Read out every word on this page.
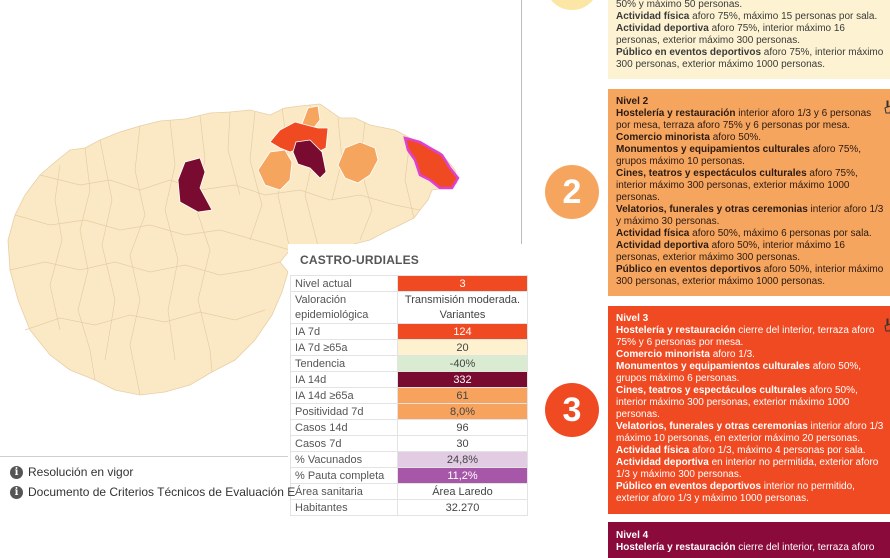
CASTRO-URDIALES
Nivel actual	3
Valoración epidemiológica	Transmisión moderada. Variantes
IA 7d	124
IA 7d ≥65a	20
Tendencia	-40%
IA 14d	332
IA 14d ≥65a	61
Positividad 7d	8,0%
Casos 14d	96
Casos 7d	30
% Vacunados	24,8%
% Pauta completa	11,2%
Área sanitaria	Área Laredo
Habitantes	32.270
i Resolución en vigor
i Documento de Criterios Técnicos de Evaluación E
2
3
50% y máximo 50 personas.
Actividad física aforo 75%, máximo 15 personas por sala.
Actividad deportiva aforo 75%, interior máximo 16 personas, exterior máximo 300 personas.
Público en eventos deportivos aforo 75%, interior máximo 300 personas, exterior máximo 1000 personas.
Nivel 2
Hostelería y restauración interior aforo 1/3 y 6 personas por mesa, terraza aforo 75% y 6 personas por mesa.
Comercio minorista aforo 50%.
Monumentos y equipamientos culturales aforo 75%, grupos máximo 10 personas.
Cines, teatros y espectáculos culturales aforo 75%, interior máximo 300 personas, exterior máximo 1000 personas.
Velatorios, funerales y otras ceremonias interior aforo 1/3 y máximo 30 personas.
Actividad física aforo 50%, máximo 6 personas por sala.
Actividad deportiva aforo 50%, interior máximo 16 personas, exterior máximo 300 personas.
Público en eventos deportivos aforo 50%, interior máximo 300 personas, exterior máximo 1000 personas.
Nivel 3
Hostelería y restauración cierre del interior, terraza aforo 75% y 6 personas por mesa.
Comercio minorista aforo 1/3.
Monumentos y equipamientos culturales aforo 50%, grupos máximo 6 personas.
Cines, teatros y espectáculos culturales aforo 50%, interior máximo 300 personas, exterior máximo 1000 personas.
Velatorios, funerales y otras ceremonias interior aforo 1/3 máximo 10 personas, en exterior máximo 20 personas.
Actividad física aforo 1/3, máximo 4 personas por sala.
Actividad deportiva en interior no permitida, exterior aforo 1/3 y máximo 300 personas.
Público en eventos deportivos interior no permitido, exterior aforo 1/3 y máximo 1000 personas.
Nivel 4
Hostelería y restauración cierre del interior, terraza aforo
